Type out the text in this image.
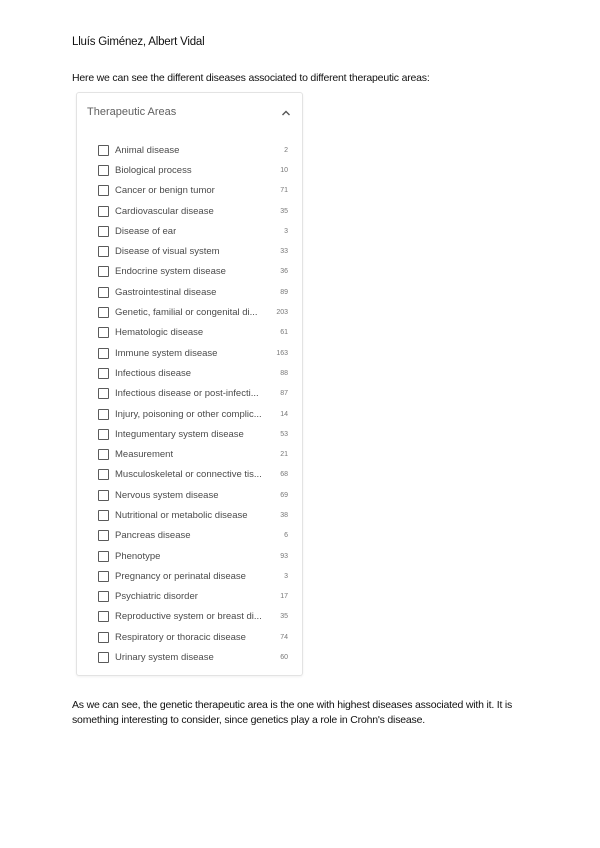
Lluís Giménez, Albert Vidal
Here we can see the different diseases associated to different therapeutic areas:
Therapeutic Areas
Animal disease	2
Biological process	10
Cancer or benign tumor	71
Cardiovascular disease	35
Disease of ear	3
Disease of visual system	33
Endocrine system disease	36
Gastrointestinal disease	89
Genetic, familial or congenital di...	203
Hematologic disease	61
Immune system disease	163
Infectious disease	88
Infectious disease or post-infecti...	87
Injury, poisoning or other complic...	14
Integumentary system disease	53
Measurement	21
Musculoskeletal or connective tis...	68
Nervous system disease	69
Nutritional or metabolic disease	38
Pancreas disease	6
Phenotype	93
Pregnancy or perinatal disease	3
Psychiatric disorder	17
Reproductive system or breast di...	35
Respiratory or thoracic disease	74
Urinary system disease	60
As we can see, the genetic therapeutic area is the one with highest diseases associated with it. It is something interesting to consider, since genetics play a role in Crohn's disease.
